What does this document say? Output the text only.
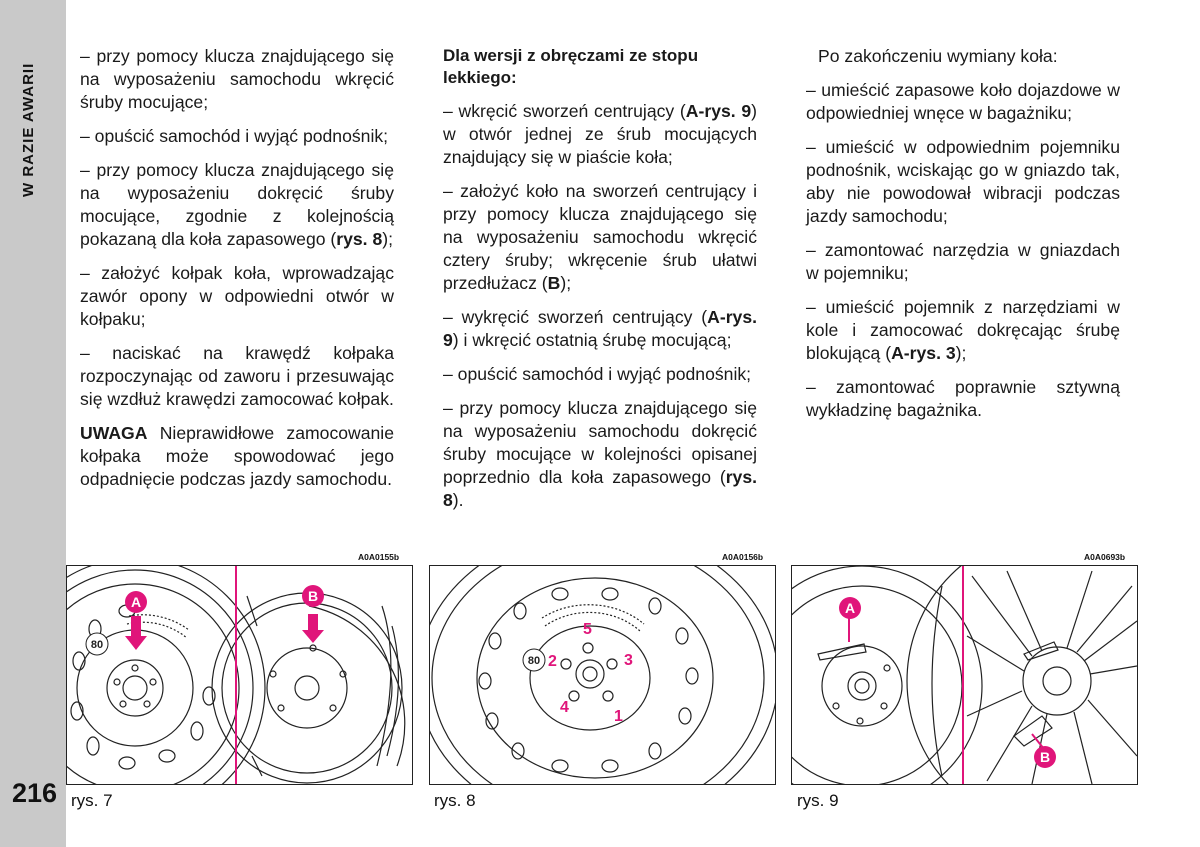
W RAZIE AWARII
216

– przy pomocy klucza znajdującego się na wyposażeniu samochodu wkręcić śruby mocujące;

– opuścić samochód i wyjąć podnośnik;

– przy pomocy klucza znajdującego się na wyposażeniu dokręcić śruby mocujące, zgodnie z kolejnością pokazaną dla koła zapasowego (rys. 8);

– założyć kołpak koła, wprowadzając zawór opony w odpowiedni otwór w kołpaku;

– naciskać na krawędź kołpaka rozpoczynając od zaworu i przesuwając się wzdłuż krawędzi zamocować kołpak.

UWAGA Nieprawidłowe zamocowanie kołpaka może spowodować jego odpadnięcie podczas jazdy samochodu.

Dla wersji z obręczami ze stopu lekkiego:

– wkręcić sworzeń centrujący (A-rys. 9) w otwór jednej ze śrub mocujących znajdujący się w piaście koła;

– założyć koło na sworzeń centrujący i przy pomocy klucza znajdującego się na wyposażeniu samochodu wkręcić cztery śruby; wkręcenie śrub ułatwi przedłużacz (B);

– wykręcić sworzeń centrujący (A-rys. 9) i wkręcić ostatnią śrubę mocującą;

– opuścić samochód i wyjąć podnośnik;

– przy pomocy klucza znajdującego się na wyposażeniu samochodu dokręcić śruby mocujące w kolejności opisanej poprzednio dla koła zapasowego (rys. 8).

Po zakończeniu wymiany koła:

– umieścić zapasowe koło dojazdowe w odpowiedniej wnęce w bagażniku;

– umieścić w odpowiednim pojemniku podnośnik, wciskając go w gniazdo tak, aby nie powodował wibracji podczas jazdy samochodu;

– zamontować narzędzia w gniazdach w pojemniku;

– umieścić pojemnik z narzędziami w kole i zamocować dokręcając śrubę blokującą (A-rys. 3);

– zamontować poprawnie sztywną wykładzinę bagażnika.

A0A0155b	A0A0156b	A0A0693b
80
A	B
80
1
2	3
4
5
A
B
rys. 7	rys. 8	rys. 9
